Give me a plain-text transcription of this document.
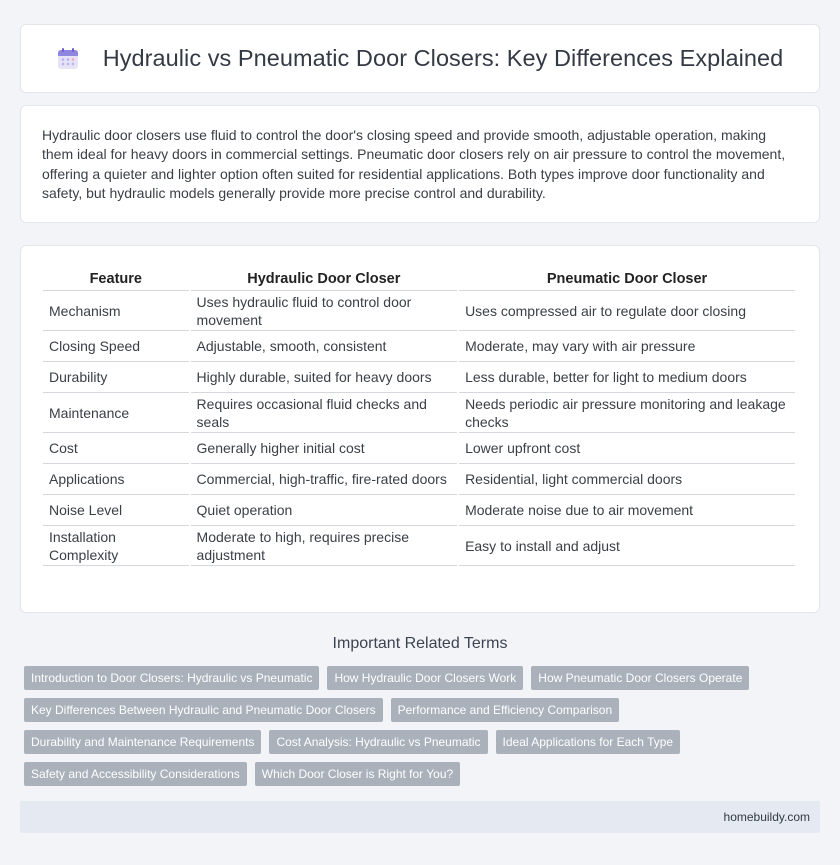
Hydraulic vs Pneumatic Door Closers: Key Differences Explained

Hydraulic door closers use fluid to control the door's closing speed and provide smooth, adjustable operation, making them ideal for heavy doors in commercial settings. Pneumatic door closers rely on air pressure to control the movement, offering a quieter and lighter option often suited for residential applications. Both types improve door functionality and safety, but hydraulic models generally provide more precise control and durability.

Feature	Hydraulic Door Closer	Pneumatic Door Closer
Mechanism	Uses hydraulic fluid to control door movement	Uses compressed air to regulate door closing
Closing Speed	Adjustable, smooth, consistent	Moderate, may vary with air pressure
Durability	Highly durable, suited for heavy doors	Less durable, better for light to medium doors
Maintenance	Requires occasional fluid checks and seals	Needs periodic air pressure monitoring and leakage checks
Cost	Generally higher initial cost	Lower upfront cost
Applications	Commercial, high-traffic, fire-rated doors	Residential, light commercial doors
Noise Level	Quiet operation	Moderate noise due to air movement
Installation Complexity	Moderate to high, requires precise adjustment	Easy to install and adjust
Important Related Terms
Introduction to Door Closers: Hydraulic vs Pneumatic	How Hydraulic Door Closers Work	How Pneumatic Door Closers Operate
Key Differences Between Hydraulic and Pneumatic Door Closers	Performance and Efficiency Comparison
Durability and Maintenance Requirements	Cost Analysis: Hydraulic vs Pneumatic	Ideal Applications for Each Type
Safety and Accessibility Considerations	Which Door Closer is Right for You?
homebuildy.com
